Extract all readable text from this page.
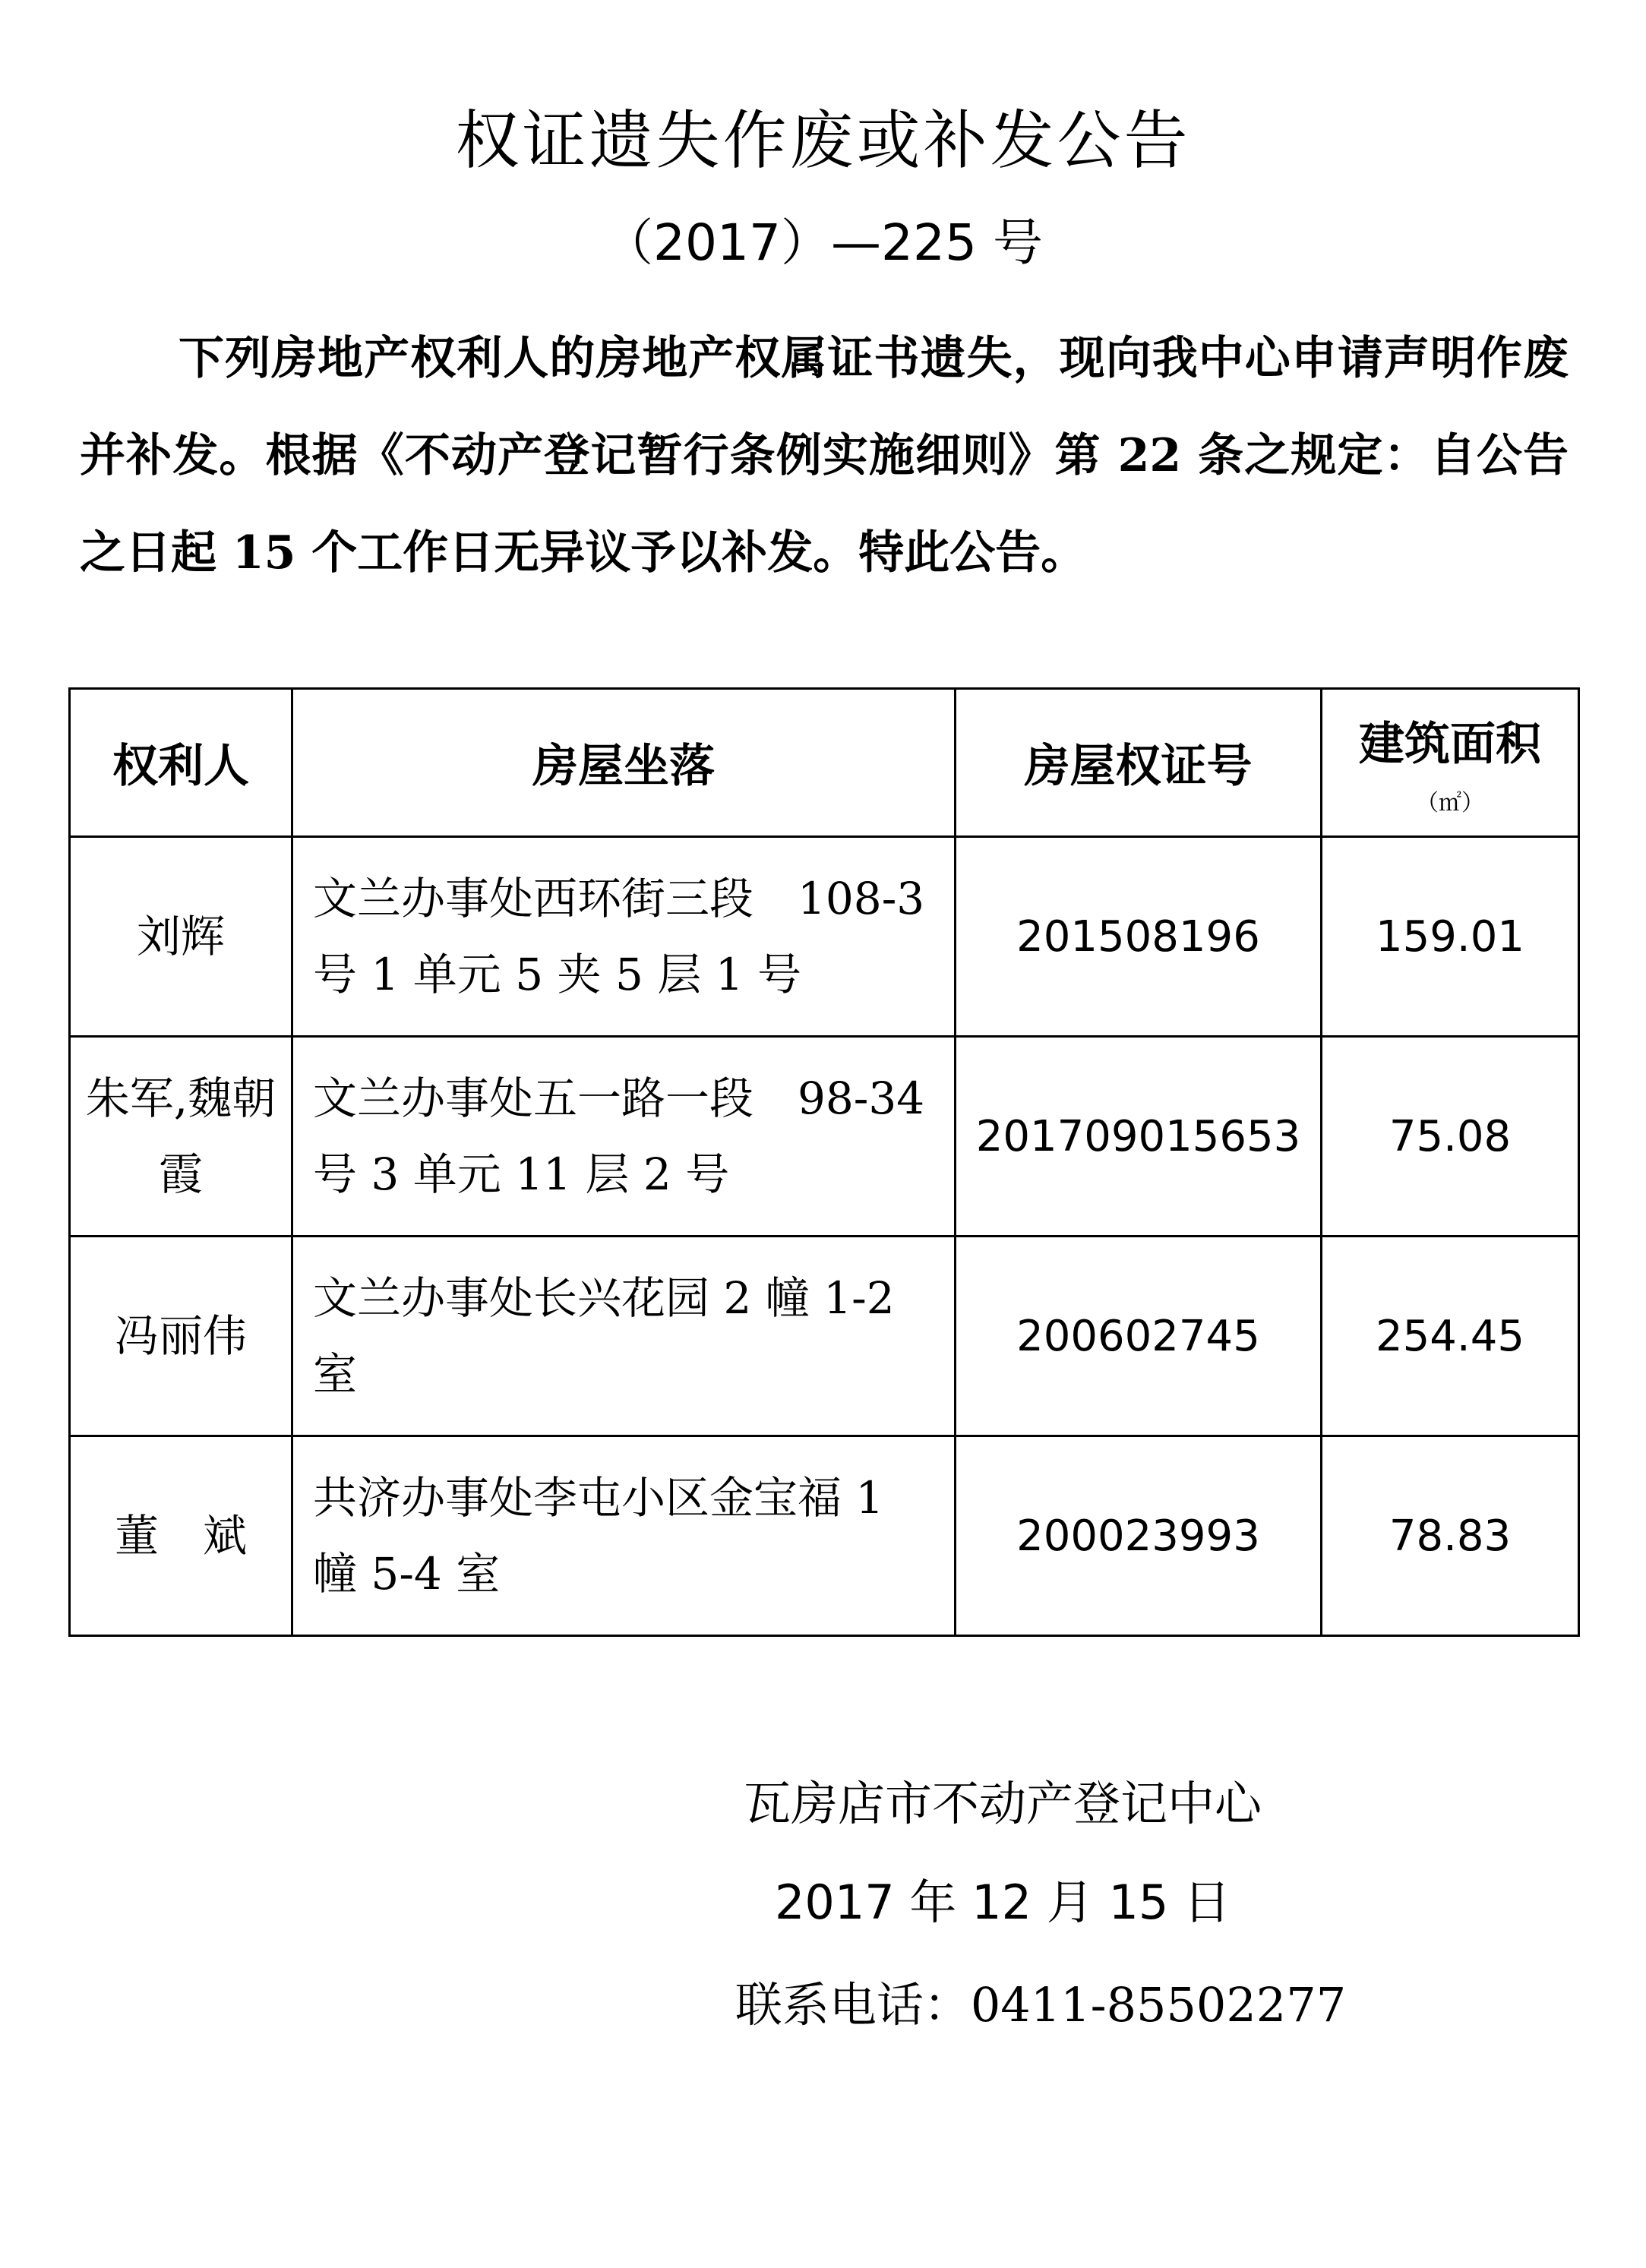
权证遗失作废或补发公告
（2017）—225 号

下列房地产权利人的房地产权属证书遗失，现向我中心申请声明作废并补发。根据《不动产登记暂行条例实施细则》第 22 条之规定：自公告之日起 15 个工作日无异议予以补发。特此公告。

权利人	房屋坐落	房屋权证号	建筑面积
（㎡）

刘辉	文兰办事处西环街三段　108-3 号 1 单元 5 夹 5 层 1 号	201508196	159.01
朱军,魏朝霞	文兰办事处五一路一段　98-34 号 3 单元 11 层 2 号	201709015653	75.08
冯丽伟	文兰办事处长兴花园 2 幢 1-2 室	200602745	254.45
董　斌	共济办事处李屯小区金宝福 1 幢 5-4 室	200023993	78.83
瓦房店市不动产登记中心
2017 年 12 月 15 日
联系电话：0411-85502277
